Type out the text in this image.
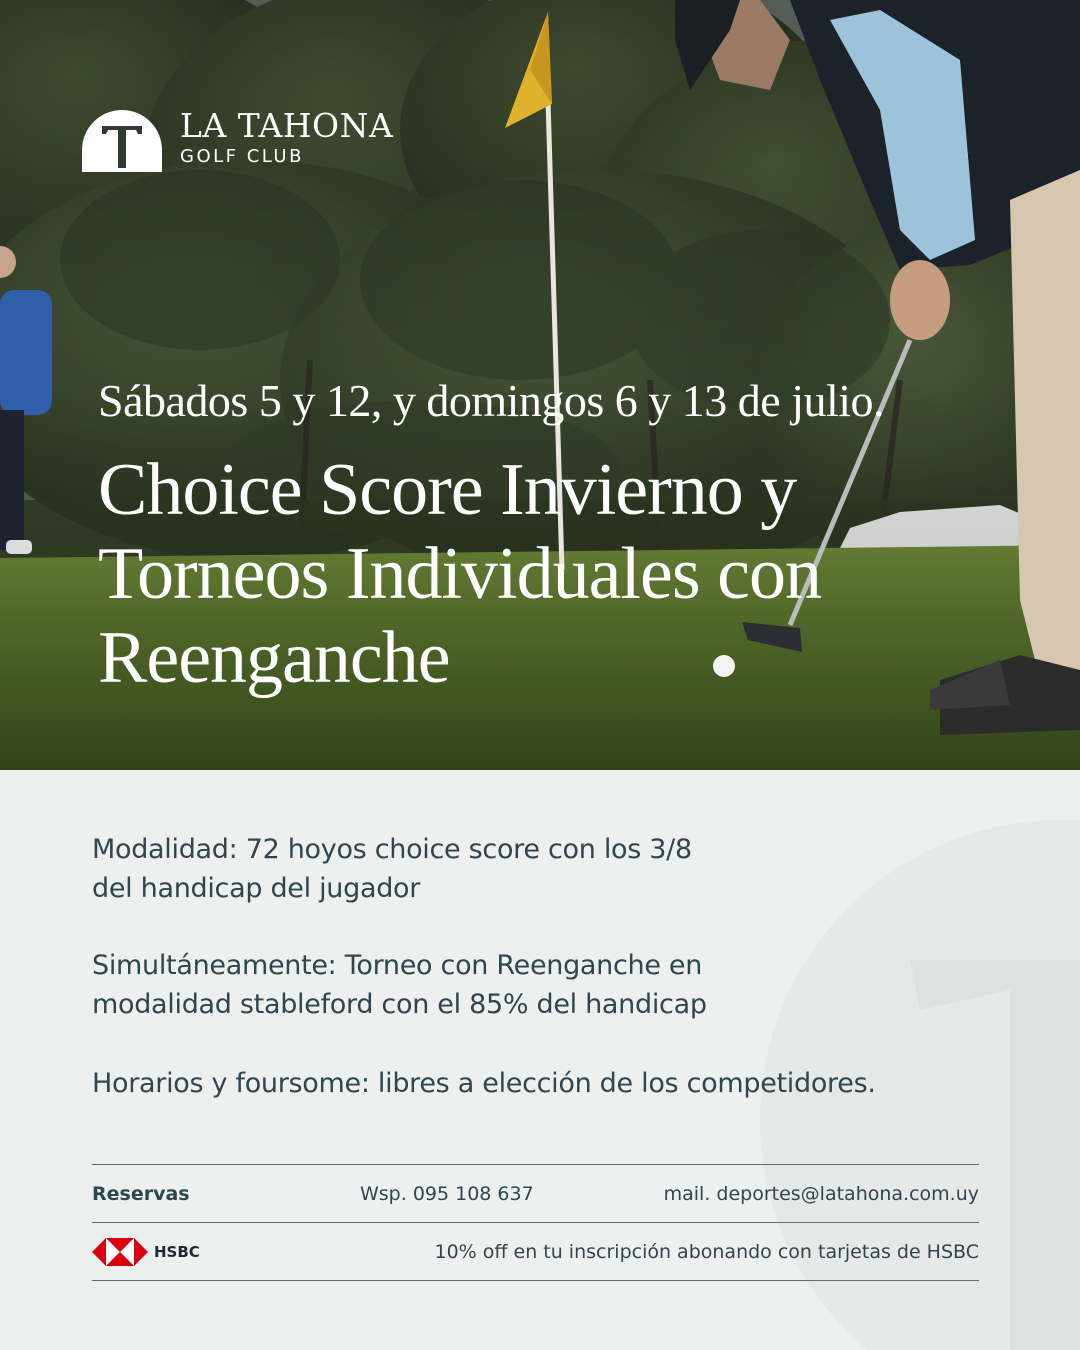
LA TAHONA
GOLF CLUB
Sábados 5 y 12, y domingos 6 y 13 de julio.
Choice Score Invierno y
Torneos Individuales con
Reenganche
Modalidad: 72 hoyos choice score con los 3/8
del handicap del jugador
Simultáneamente: Torneo con Reenganche en
modalidad stableford con el 85% del handicap
Horarios y foursome: libres a elección de los competidores.
Reservas	Wsp. 095 108 637	mail. deportes@latahona.com.uy
HSBC	10% off en tu inscripción abonando con tarjetas de HSBC
